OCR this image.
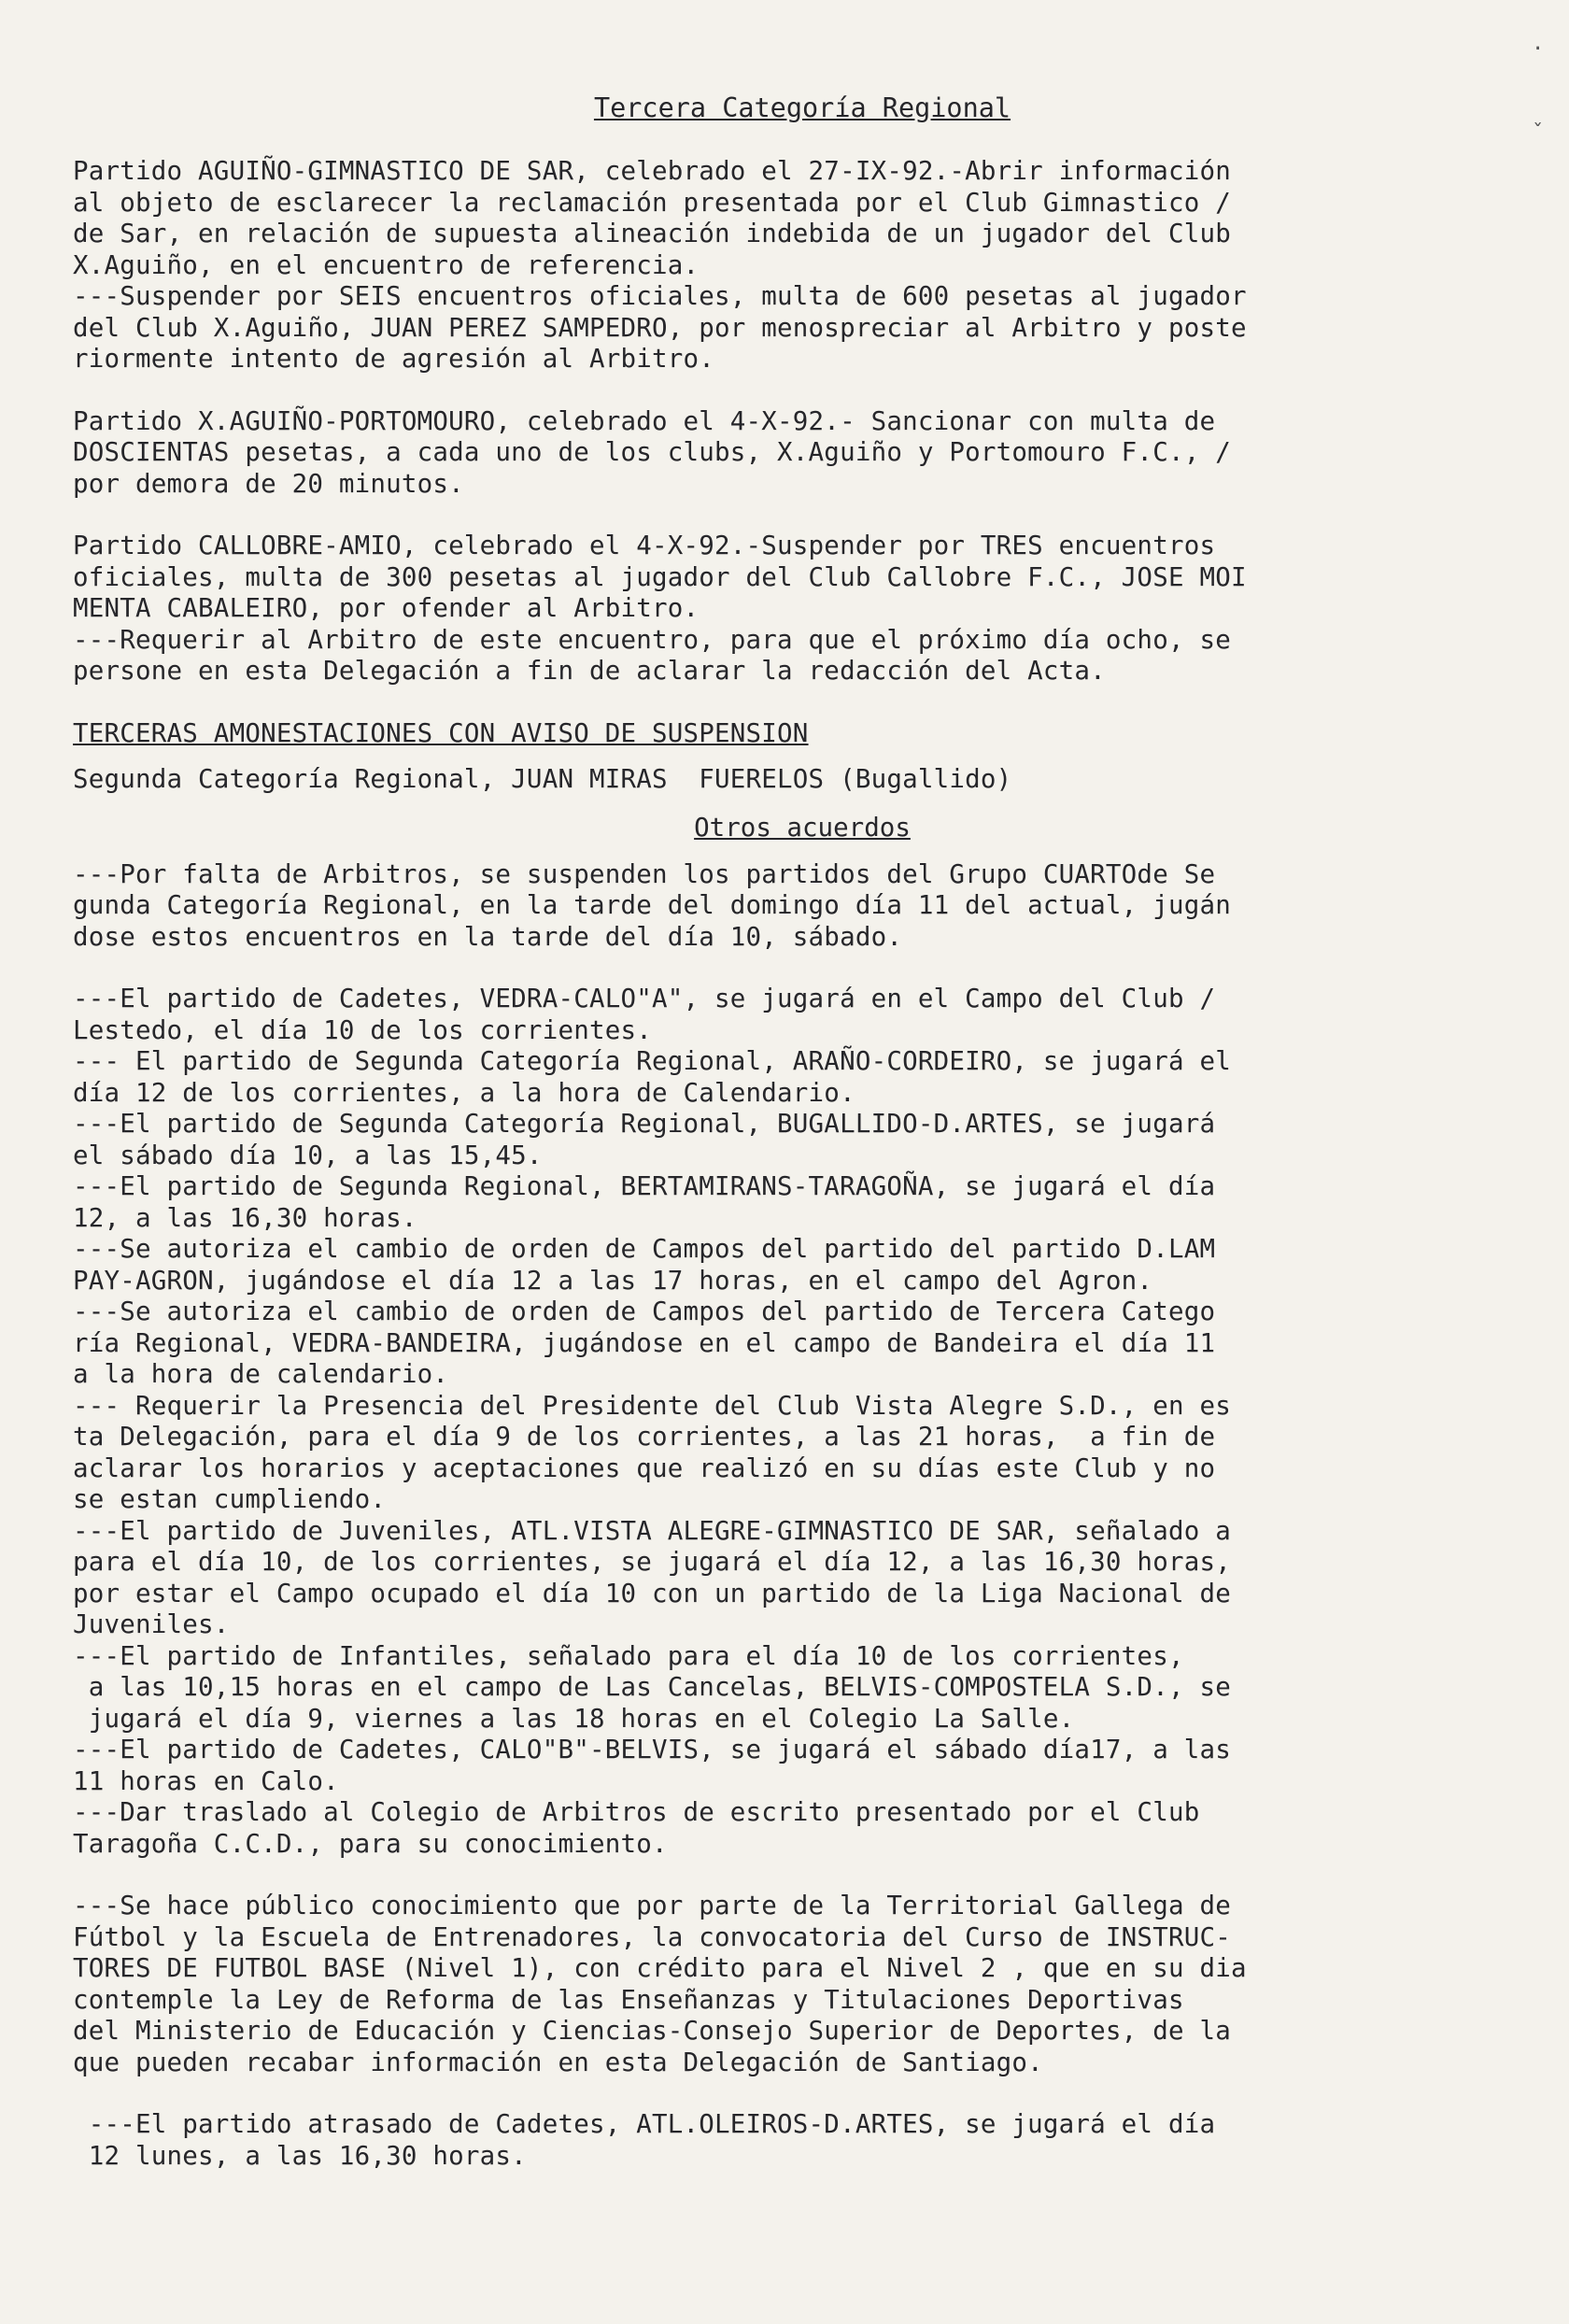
·
ˇ
Tercera Categoría Regional
Partido AGUIÑO-GIMNASTICO DE SAR, celebrado el 27-IX-92.-Abrir información
al objeto de esclarecer la reclamación presentada por el Club Gimnastico /
de Sar, en relación de supuesta alineación indebida de un jugador del Club
X.Aguiño, en el encuentro de referencia.
---Suspender por SEIS encuentros oficiales, multa de 600 pesetas al jugador
del Club X.Aguiño, JUAN PEREZ SAMPEDRO, por menospreciar al Arbitro y poste
riormente intento de agresión al Arbitro.
Partido X.AGUIÑO-PORTOMOURO, celebrado el 4-X-92.- Sancionar con multa de
DOSCIENTAS pesetas, a cada uno de los clubs, X.Aguiño y Portomouro F.C., /
por demora de 20 minutos.
Partido CALLOBRE-AMIO, celebrado el 4-X-92.-Suspender por TRES encuentros
oficiales, multa de 300 pesetas al jugador del Club Callobre F.C., JOSE MOI
MENTA CABALEIRO, por ofender al Arbitro.
---Requerir al Arbitro de este encuentro, para que el próximo día ocho, se
persone en esta Delegación a fin de aclarar la redacción del Acta.
TERCERAS AMONESTACIONES CON AVISO DE SUSPENSION
Segunda Categoría Regional, JUAN MIRAS  FUERELOS (Bugallido)
Otros acuerdos
---Por falta de Arbitros, se suspenden los partidos del Grupo CUARTOde Se
gunda Categoría Regional, en la tarde del domingo día 11 del actual, jugán
dose estos encuentros en la tarde del día 10, sábado.
---El partido de Cadetes, VEDRA-CALO"A", se jugará en el Campo del Club /
Lestedo, el día 10 de los corrientes.
--- El partido de Segunda Categoría Regional, ARAÑO-CORDEIRO, se jugará el
día 12 de los corrientes, a la hora de Calendario.
---El partido de Segunda Categoría Regional, BUGALLIDO-D.ARTES, se jugará
el sábado día 10, a las 15,45.
---El partido de Segunda Regional, BERTAMIRANS-TARAGOÑA, se jugará el día
12, a las 16,30 horas.
---Se autoriza el cambio de orden de Campos del partido del partido D.LAM
PAY-AGRON, jugándose el día 12 a las 17 horas, en el campo del Agron.
---Se autoriza el cambio de orden de Campos del partido de Tercera Catego
ría Regional, VEDRA-BANDEIRA, jugándose en el campo de Bandeira el día 11
a la hora de calendario.
--- Requerir la Presencia del Presidente del Club Vista Alegre S.D., en es
ta Delegación, para el día 9 de los corrientes, a las 21 horas,  a fin de
aclarar los horarios y aceptaciones que realizó en su días este Club y no
se estan cumpliendo.
---El partido de Juveniles, ATL.VISTA ALEGRE-GIMNASTICO DE SAR, señalado a
para el día 10, de los corrientes, se jugará el día 12, a las 16,30 horas,
por estar el Campo ocupado el día 10 con un partido de la Liga Nacional de
Juveniles.
---El partido de Infantiles, señalado para el día 10 de los corrientes,
a las 10,15 horas en el campo de Las Cancelas, BELVIS-COMPOSTELA S.D., se
jugará el día 9, viernes a las 18 horas en el Colegio La Salle.
---El partido de Cadetes, CALO"B"-BELVIS, se jugará el sábado día17, a las
11 horas en Calo.
---Dar traslado al Colegio de Arbitros de escrito presentado por el Club
Taragoña C.C.D., para su conocimiento.
---Se hace público conocimiento que por parte de la Territorial Gallega de
Fútbol y la Escuela de Entrenadores, la convocatoria del Curso de INSTRUC-
TORES DE FUTBOL BASE (Nivel 1), con crédito para el Nivel 2 , que en su dia
contemple la Ley de Reforma de las Enseñanzas y Titulaciones Deportivas
del Ministerio de Educación y Ciencias-Consejo Superior de Deportes, de la
que pueden recabar información en esta Delegación de Santiago.
---El partido atrasado de Cadetes, ATL.OLEIROS-D.ARTES, se jugará el día
12 lunes, a las 16,30 horas.
